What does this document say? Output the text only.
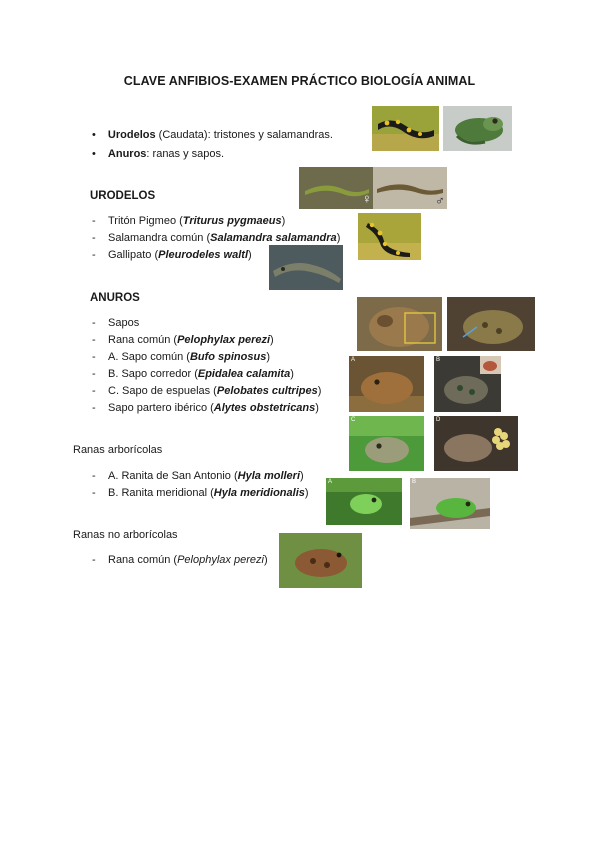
CLAVE ANFIBIOS-EXAMEN PRÁCTICO BIOLOGÍA ANIMAL
• Urodelos (Caudata): tristones y salamandras.
• Anuros: ranas y sapos.
URODELOS
- Tritón Pigmeo (Triturus pygmaeus)
- Salamandra común (Salamandra salamandra)
- Gallipato (Pleurodeles waltl)
ANUROS
- Sapos
- Rana común (Pelophylax perezi)
- A. Sapo común (Bufo spinosus)
- B. Sapo corredor (Epidalea calamita)
- C. Sapo de espuelas (Pelobates cultripes)
- Sapo partero ibérico (Alytes obstetricans)
Ranas arborícolas
- A. Ranita de San Antonio (Hyla molleri)
- B. Ranita meridional (Hyla meridionalis)
Ranas no arborícolas
- Rana común (Pelophylax perezi)
♀	♂
A	B
C	D
A	B
